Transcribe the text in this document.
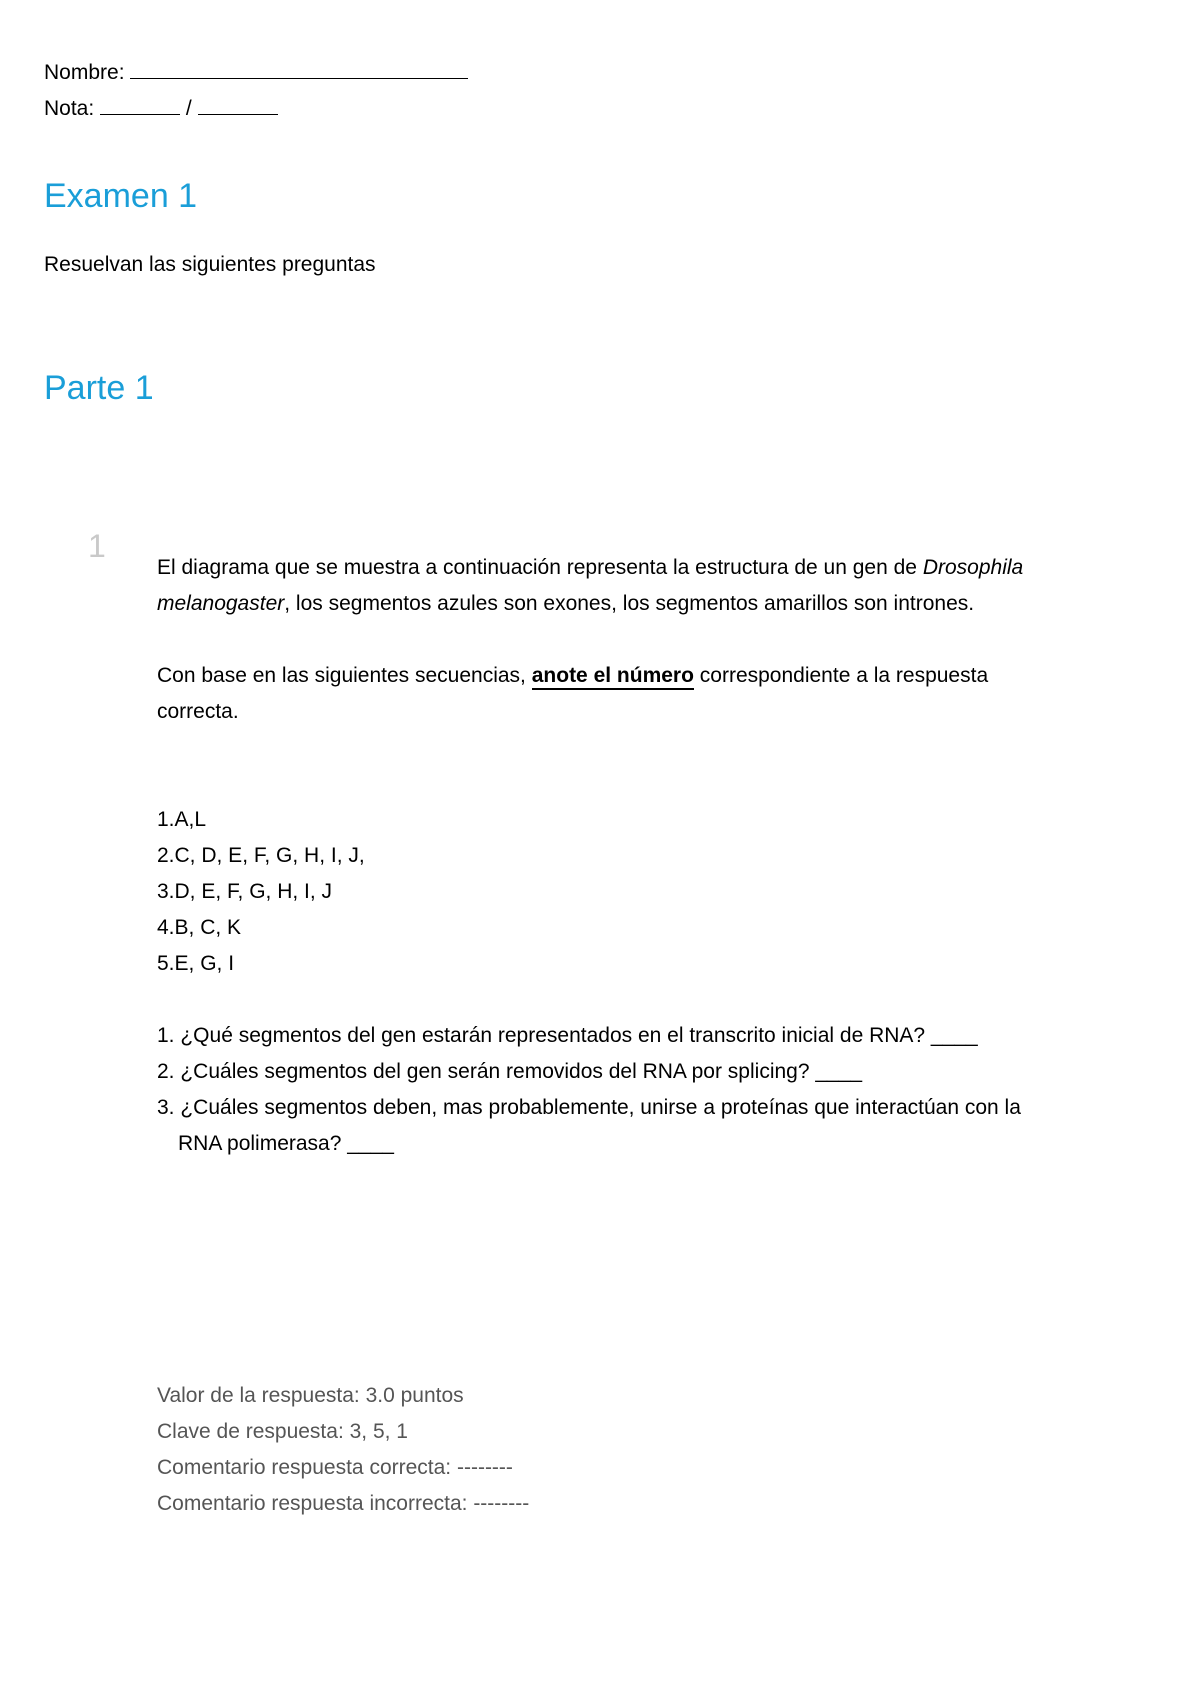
Nombre:
Nota:	/
Examen 1
Resuelvan las siguientes preguntas
Parte 1
1
El diagrama que se muestra a continuación representa la estructura de un gen de Drosophila
melanogaster, los segmentos azules son exones, los segmentos amarillos son intrones.
Con base en las siguientes secuencias, anote el número correspondiente a la respuesta
correcta.
1.A,L
2.C, D, E, F, G, H, I, J,
3.D, E, F, G, H, I, J
4.B, C, K
5.E, G, I
1. ¿Qué segmentos del gen estarán representados en el transcrito inicial de RNA? ____
2. ¿Cuáles segmentos del gen serán removidos del RNA por splicing? ____
3. ¿Cuáles segmentos deben, mas probablemente, unirse a proteínas que interactúan con la
RNA polimerasa? ____
Valor de la respuesta: 3.0 puntos
Clave de respuesta: 3, 5, 1
Comentario respuesta correcta: --------
Comentario respuesta incorrecta: --------
